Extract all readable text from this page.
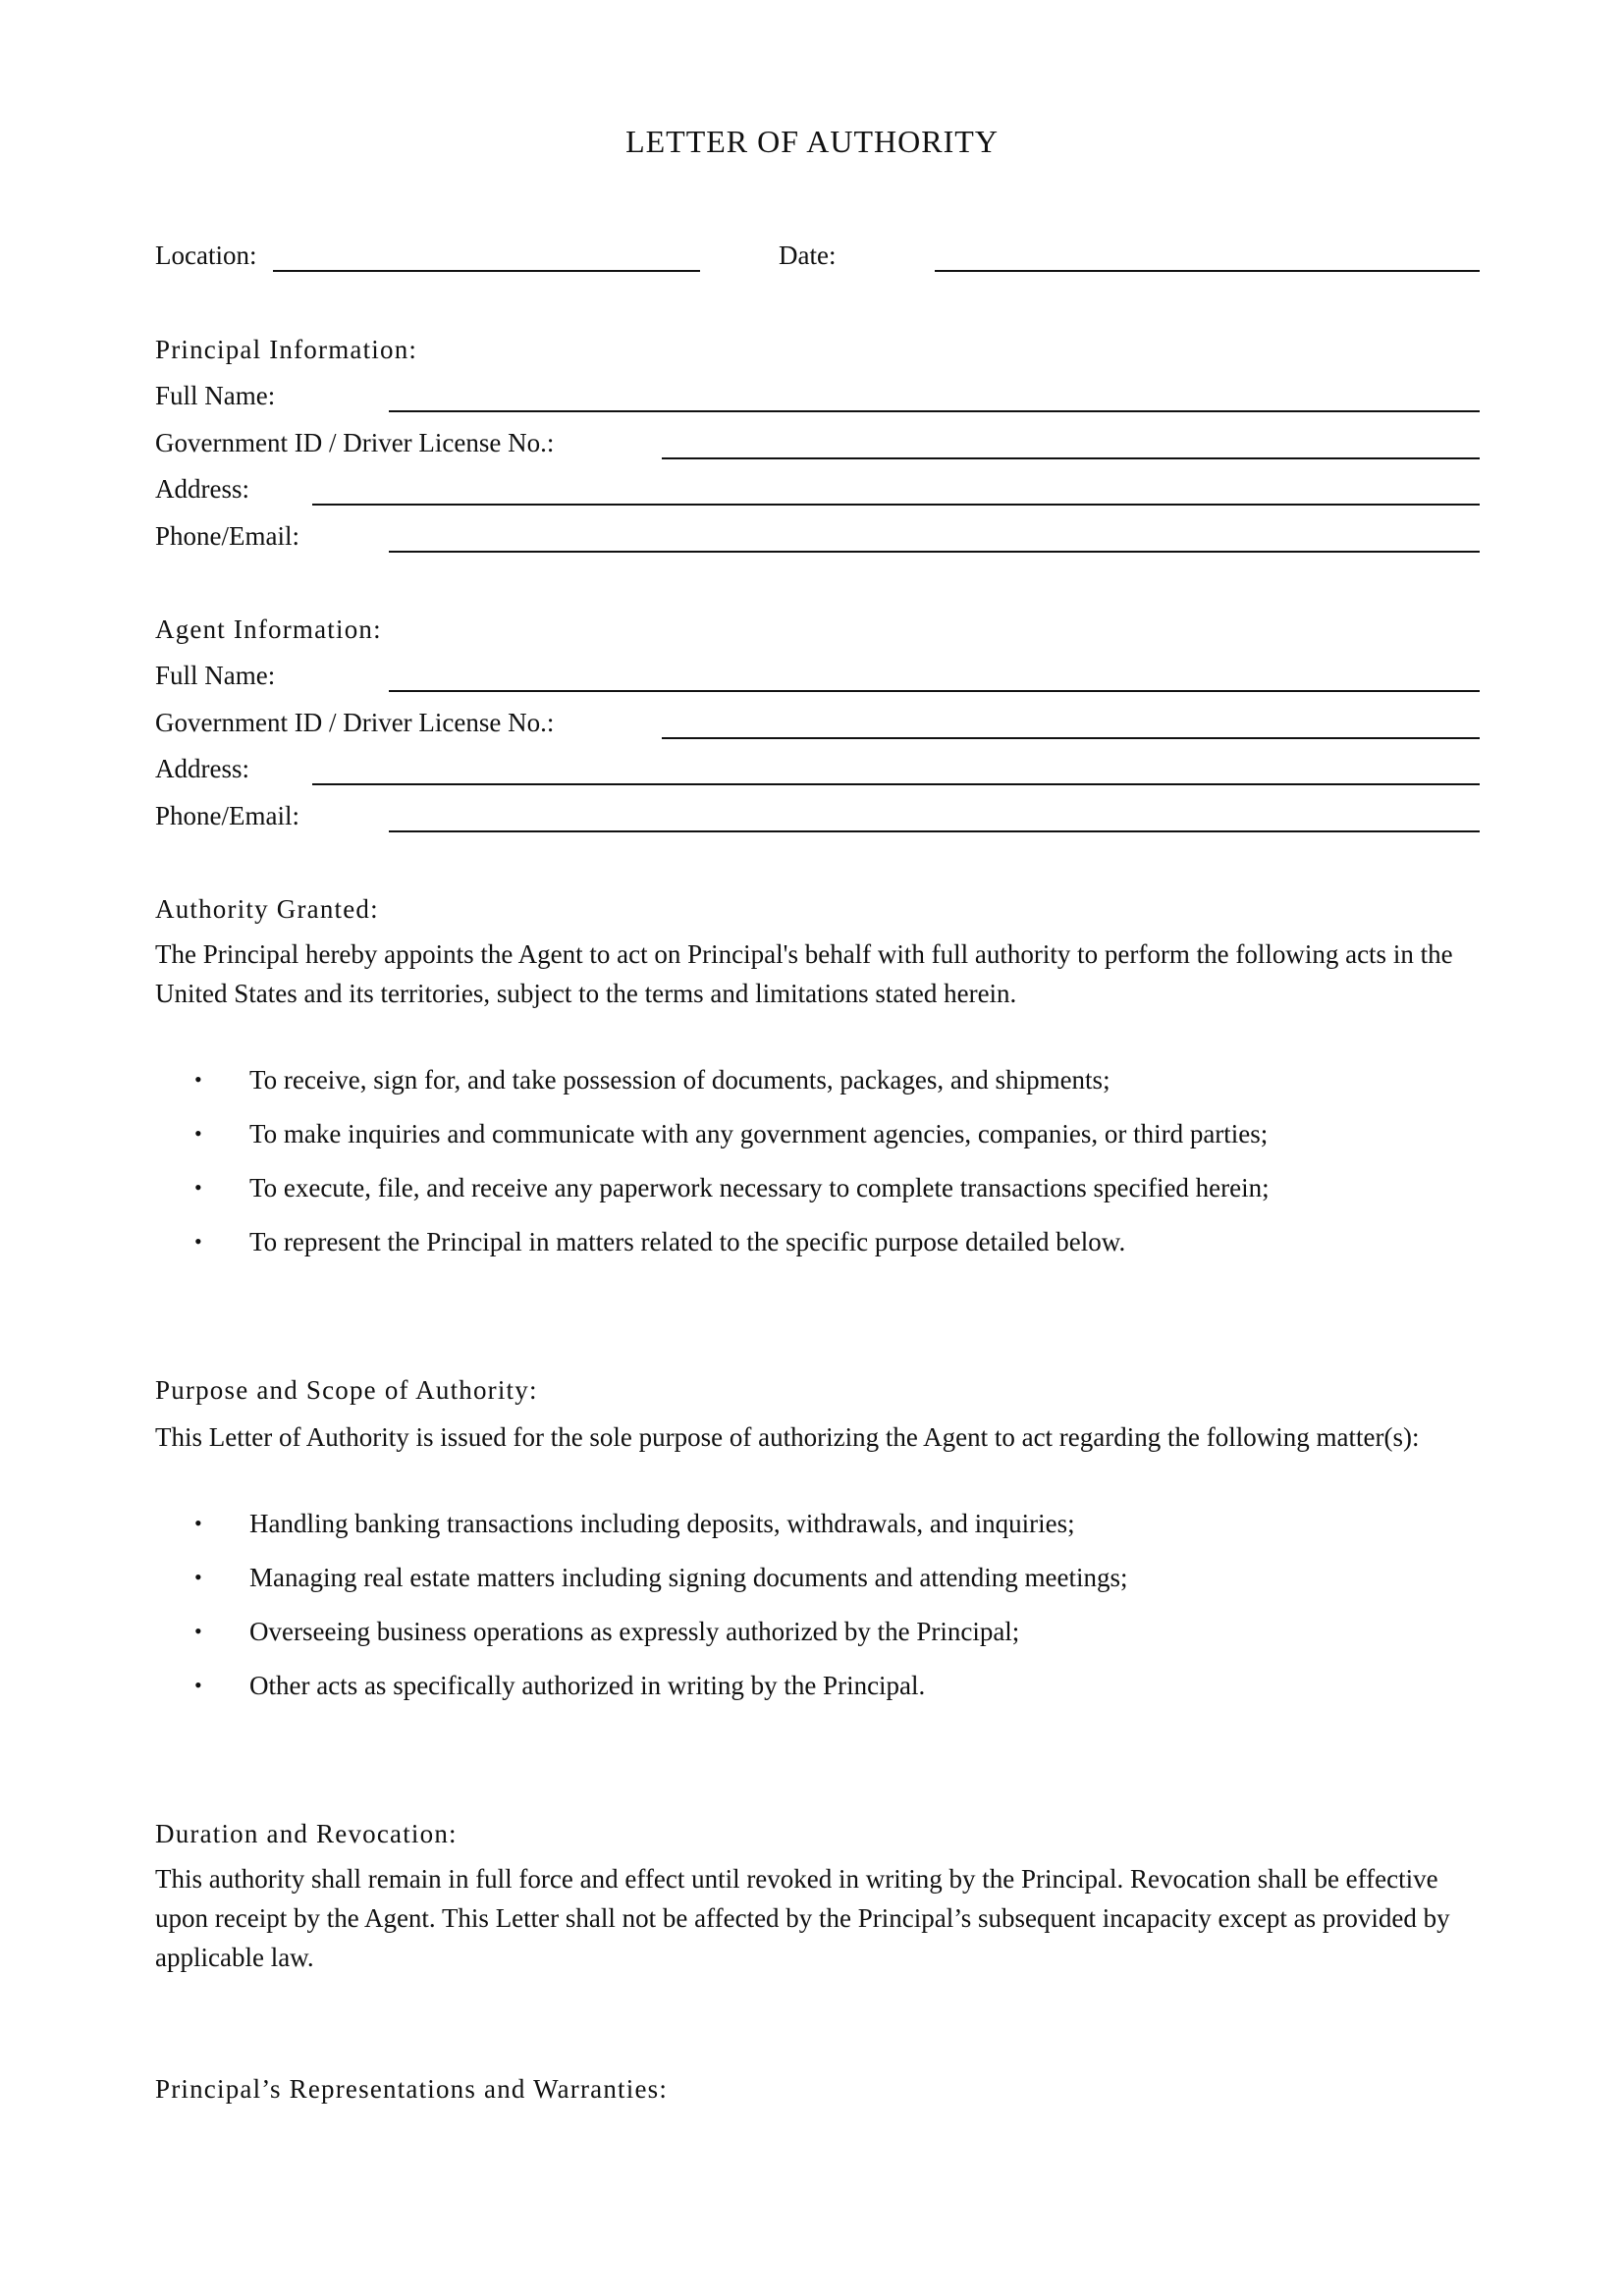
LETTER OF AUTHORITY
Location:	Date:
Principal Information:
Full Name:
Government ID / Driver License No.:
Address:
Phone/Email:
Agent Information:
Full Name:
Government ID / Driver License No.:
Address:
Phone/Email:
Authority Granted:
The Principal hereby appoints the Agent to act on Principal's behalf with full authority to perform the following acts in the United States and its territories, subject to the terms and limitations stated herein.
• To receive, sign for, and take possession of documents, packages, and shipments;
• To make inquiries and communicate with any government agencies, companies, or third parties;
• To execute, file, and receive any paperwork necessary to complete transactions specified herein;
• To represent the Principal in matters related to the specific purpose detailed below.
Purpose and Scope of Authority:
This Letter of Authority is issued for the sole purpose of authorizing the Agent to act regarding the following matter(s):
• Handling banking transactions including deposits, withdrawals, and inquiries;
• Managing real estate matters including signing documents and attending meetings;
• Overseeing business operations as expressly authorized by the Principal;
• Other acts as specifically authorized in writing by the Principal.
Duration and Revocation:
This authority shall remain in full force and effect until revoked in writing by the Principal. Revocation shall be effective upon receipt by the Agent. This Letter shall not be affected by the Principal’s subsequent incapacity except as provided by applicable law.
Principal’s Representations and Warranties:
